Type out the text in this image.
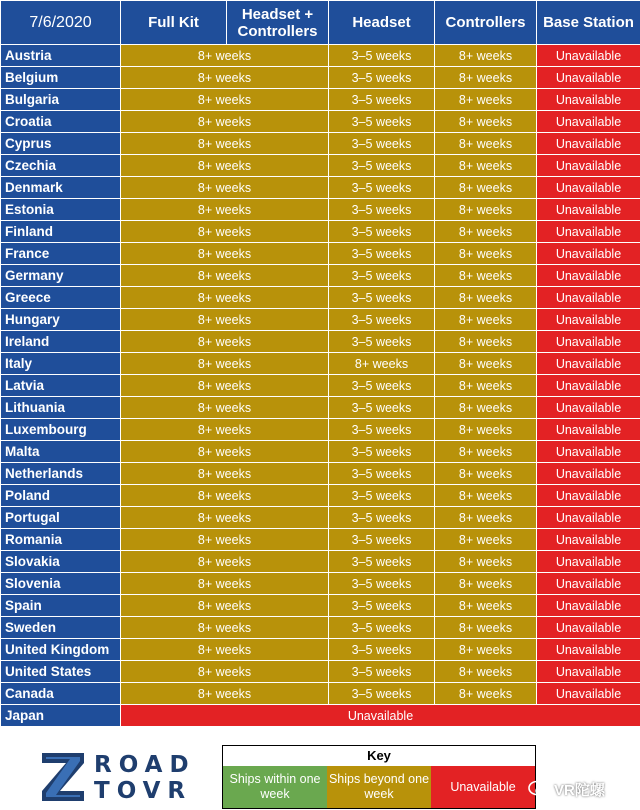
7/6/2020	Full Kit	Headset + Controllers	Headset	Controllers	Base Station
Austria	8+ weeks		3–5 weeks	8+ weeks	Unavailable
Belgium	8+ weeks		3–5 weeks	8+ weeks	Unavailable
Bulgaria	8+ weeks		3–5 weeks	8+ weeks	Unavailable
Croatia	8+ weeks		3–5 weeks	8+ weeks	Unavailable
Cyprus	8+ weeks		3–5 weeks	8+ weeks	Unavailable
Czechia	8+ weeks		3–5 weeks	8+ weeks	Unavailable
Denmark	8+ weeks		3–5 weeks	8+ weeks	Unavailable
Estonia	8+ weeks		3–5 weeks	8+ weeks	Unavailable
Finland	8+ weeks		3–5 weeks	8+ weeks	Unavailable
France	8+ weeks		3–5 weeks	8+ weeks	Unavailable
Germany	8+ weeks		3–5 weeks	8+ weeks	Unavailable
Greece	8+ weeks		3–5 weeks	8+ weeks	Unavailable
Hungary	8+ weeks		3–5 weeks	8+ weeks	Unavailable
Ireland	8+ weeks		3–5 weeks	8+ weeks	Unavailable
Italy	8+ weeks		8+ weeks	8+ weeks	Unavailable
Latvia	8+ weeks		3–5 weeks	8+ weeks	Unavailable
Lithuania	8+ weeks		3–5 weeks	8+ weeks	Unavailable
Luxembourg	8+ weeks		3–5 weeks	8+ weeks	Unavailable
Malta	8+ weeks		3–5 weeks	8+ weeks	Unavailable
Netherlands	8+ weeks		3–5 weeks	8+ weeks	Unavailable
Poland	8+ weeks		3–5 weeks	8+ weeks	Unavailable
Portugal	8+ weeks		3–5 weeks	8+ weeks	Unavailable
Romania	8+ weeks		3–5 weeks	8+ weeks	Unavailable
Slovakia	8+ weeks		3–5 weeks	8+ weeks	Unavailable
Slovenia	8+ weeks		3–5 weeks	8+ weeks	Unavailable
Spain	8+ weeks		3–5 weeks	8+ weeks	Unavailable
Sweden	8+ weeks		3–5 weeks	8+ weeks	Unavailable
United Kingdom	8+ weeks		3–5 weeks	8+ weeks	Unavailable
United States	8+ weeks		3–5 weeks	8+ weeks	Unavailable
Canada	8+ weeks		3–5 weeks	8+ weeks	Unavailable
Japan	Unavailable				
ROAD
TOVR
Key
Ships within one week
Ships beyond one week
Unavailable	VR陀螺
